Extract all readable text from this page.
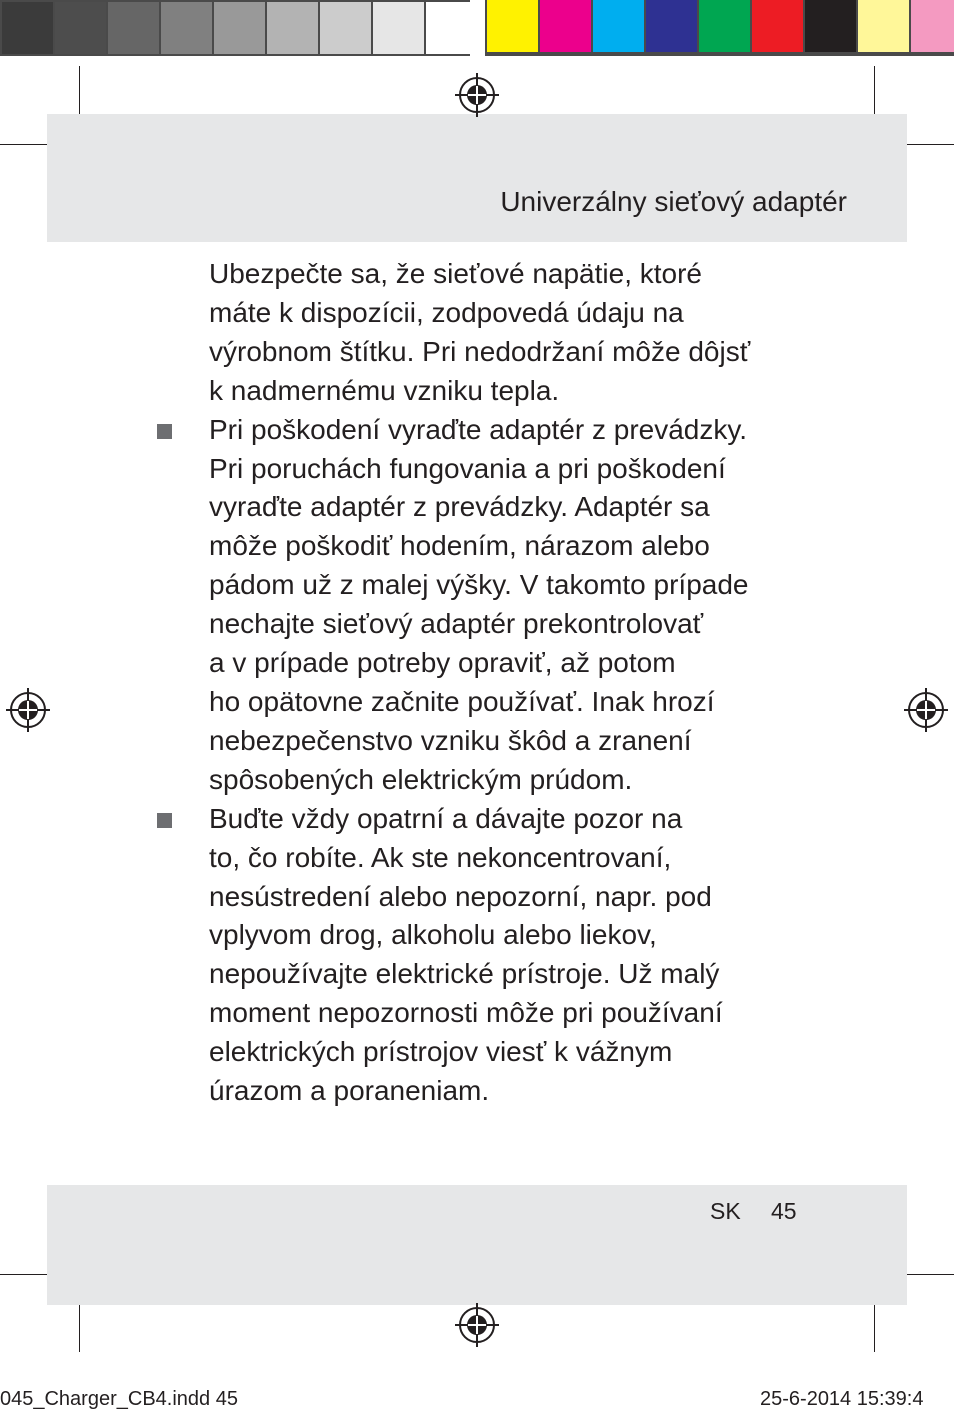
Univerzálny sieťový adaptér
Ubezpečte sa, že sieťové napätie, ktoré
máte k dispozícii, zodpovedá údaju na
výrobnom štítku. Pri nedodržaní môže dôjsť
k nadmernému vzniku tepla.
Pri poškodení vyraďte adaptér z prevádzky.
Pri poruchách fungovania a pri poškodení
vyraďte adaptér z prevádzky. Adaptér sa
môže poškodiť hodením, nárazom alebo
pádom už z malej výšky. V takomto prípade
nechajte sieťový adaptér prekontrolovať
a v prípade potreby opraviť, až potom
ho opätovne začnite používať. Inak hrozí
nebezpečenstvo vzniku škôd a zranení
spôsobených elektrickým prúdom.
Buďte vždy opatrní a dávajte pozor na
to, čo robíte. Ak ste nekoncentrovaní,
nesústredení alebo nepozorní, napr. pod
vplyvom drog, alkoholu alebo liekov,
nepoužívajte elektrické prístroje. Už malý
moment nepozornosti môže pri používaní
elektrických prístrojov viesť k vážnym
úrazom a poraneniam.
SK 45
045_Charger_CB4.indd 45	25-6-2014 15:39:4
